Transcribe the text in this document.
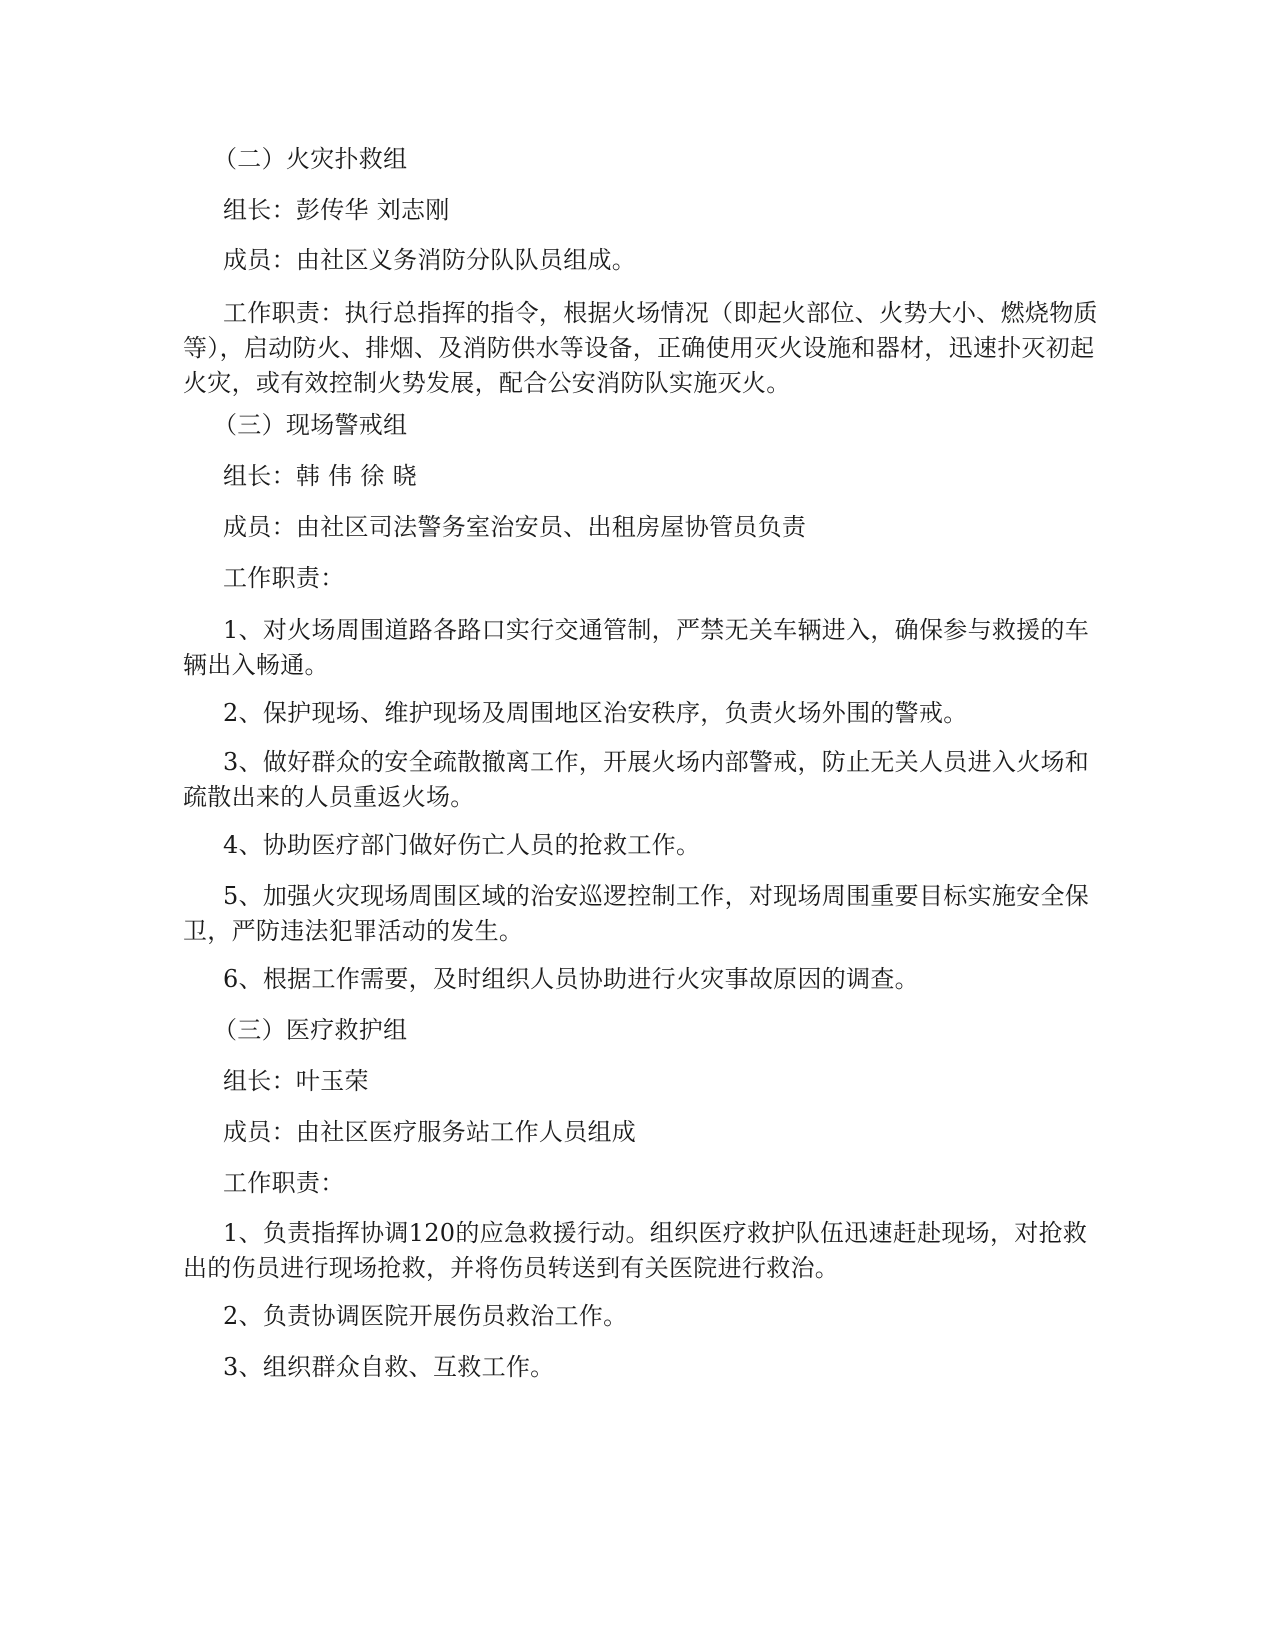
（二）火灾扑救组

组长：彭传华 刘志刚

成员：由社区义务消防分队队员组成。

工作职责：执行总指挥的指令，根据火场情况（即起火部位、火势大小、燃烧物质等），启动防火、排烟、及消防供水等设备，正确使用灭火设施和器材，迅速扑灭初起火灾，或有效控制火势发展，配合公安消防队实施灭火。

（三）现场警戒组

组长：韩 伟 徐 晓

成员：由社区司法警务室治安员、出租房屋协管员负责

工作职责：

1、对火场周围道路各路口实行交通管制，严禁无关车辆进入，确保参与救援的车辆出入畅通。

2、保护现场、维护现场及周围地区治安秩序，负责火场外围的警戒。

3、做好群众的安全疏散撤离工作，开展火场内部警戒，防止无关人员进入火场和疏散出来的人员重返火场。

4、协助医疗部门做好伤亡人员的抢救工作。

5、加强火灾现场周围区域的治安巡逻控制工作，对现场周围重要目标实施安全保卫，严防违法犯罪活动的发生。

6、根据工作需要，及时组织人员协助进行火灾事故原因的调查。

（三）医疗救护组

组长：叶玉荣

成员：由社区医疗服务站工作人员组成

工作职责：

1、负责指挥协调120的应急救援行动。组织医疗救护队伍迅速赶赴现场，对抢救出的伤员进行现场抢救，并将伤员转送到有关医院进行救治。

2、负责协调医院开展伤员救治工作。

3、组织群众自救、互救工作。
